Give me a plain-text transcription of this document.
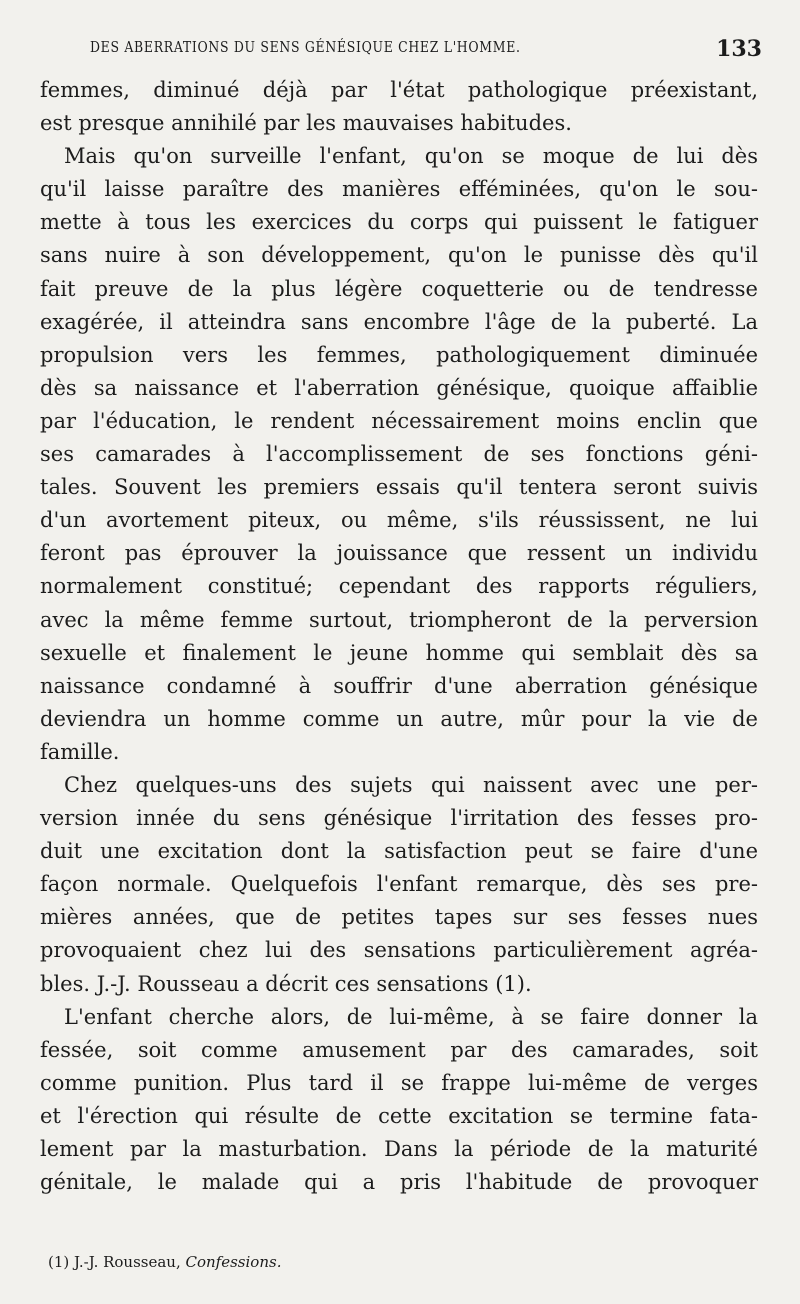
DES ABERRATIONS DU SENS GÉNÉSIQUE CHEZ L'HOMME.	133
femmes, diminué déjà par l'état pathologique préexistant,
est presque annihilé par les mauvaises habitudes.
Mais qu'on surveille l'enfant, qu'on se moque de lui dès
qu'il laisse paraître des manières efféminées, qu'on le sou-
mette à tous les exercices du corps qui puissent le fatiguer
sans nuire à son développement, qu'on le punisse dès qu'il
fait preuve de la plus légère coquetterie ou de tendresse
exagérée, il atteindra sans encombre l'âge de la puberté. La
propulsion vers les femmes, pathologiquement diminuée
dès sa naissance et l'aberration génésique, quoique affaiblie
par l'éducation, le rendent nécessairement moins enclin que
ses camarades à l'accomplissement de ses fonctions géni-
tales. Souvent les premiers essais qu'il tentera seront suivis
d'un avortement piteux, ou même, s'ils réussissent, ne lui
feront pas éprouver la jouissance que ressent un individu
normalement constitué; cependant des rapports réguliers,
avec la même femme surtout, triompheront de la perversion
sexuelle et finalement le jeune homme qui semblait dès sa
naissance condamné à souffrir d'une aberration génésique
deviendra un homme comme un autre, mûr pour la vie de
famille.
Chez quelques-uns des sujets qui naissent avec une per-
version innée du sens génésique l'irritation des fesses pro-
duit une excitation dont la satisfaction peut se faire d'une
façon normale. Quelquefois l'enfant remarque, dès ses pre-
mières années, que de petites tapes sur ses fesses nues
provoquaient chez lui des sensations particulièrement agréa-
bles. J.-J. Rousseau a décrit ces sensations (1).
L'enfant cherche alors, de lui-même, à se faire donner la
fessée, soit comme amusement par des camarades, soit
comme punition. Plus tard il se frappe lui-même de verges
et l'érection qui résulte de cette excitation se termine fata-
lement par la masturbation. Dans la période de la maturité
génitale, le malade qui a pris l'habitude de provoquer
(1) J.-J. Rousseau, Confessions.
